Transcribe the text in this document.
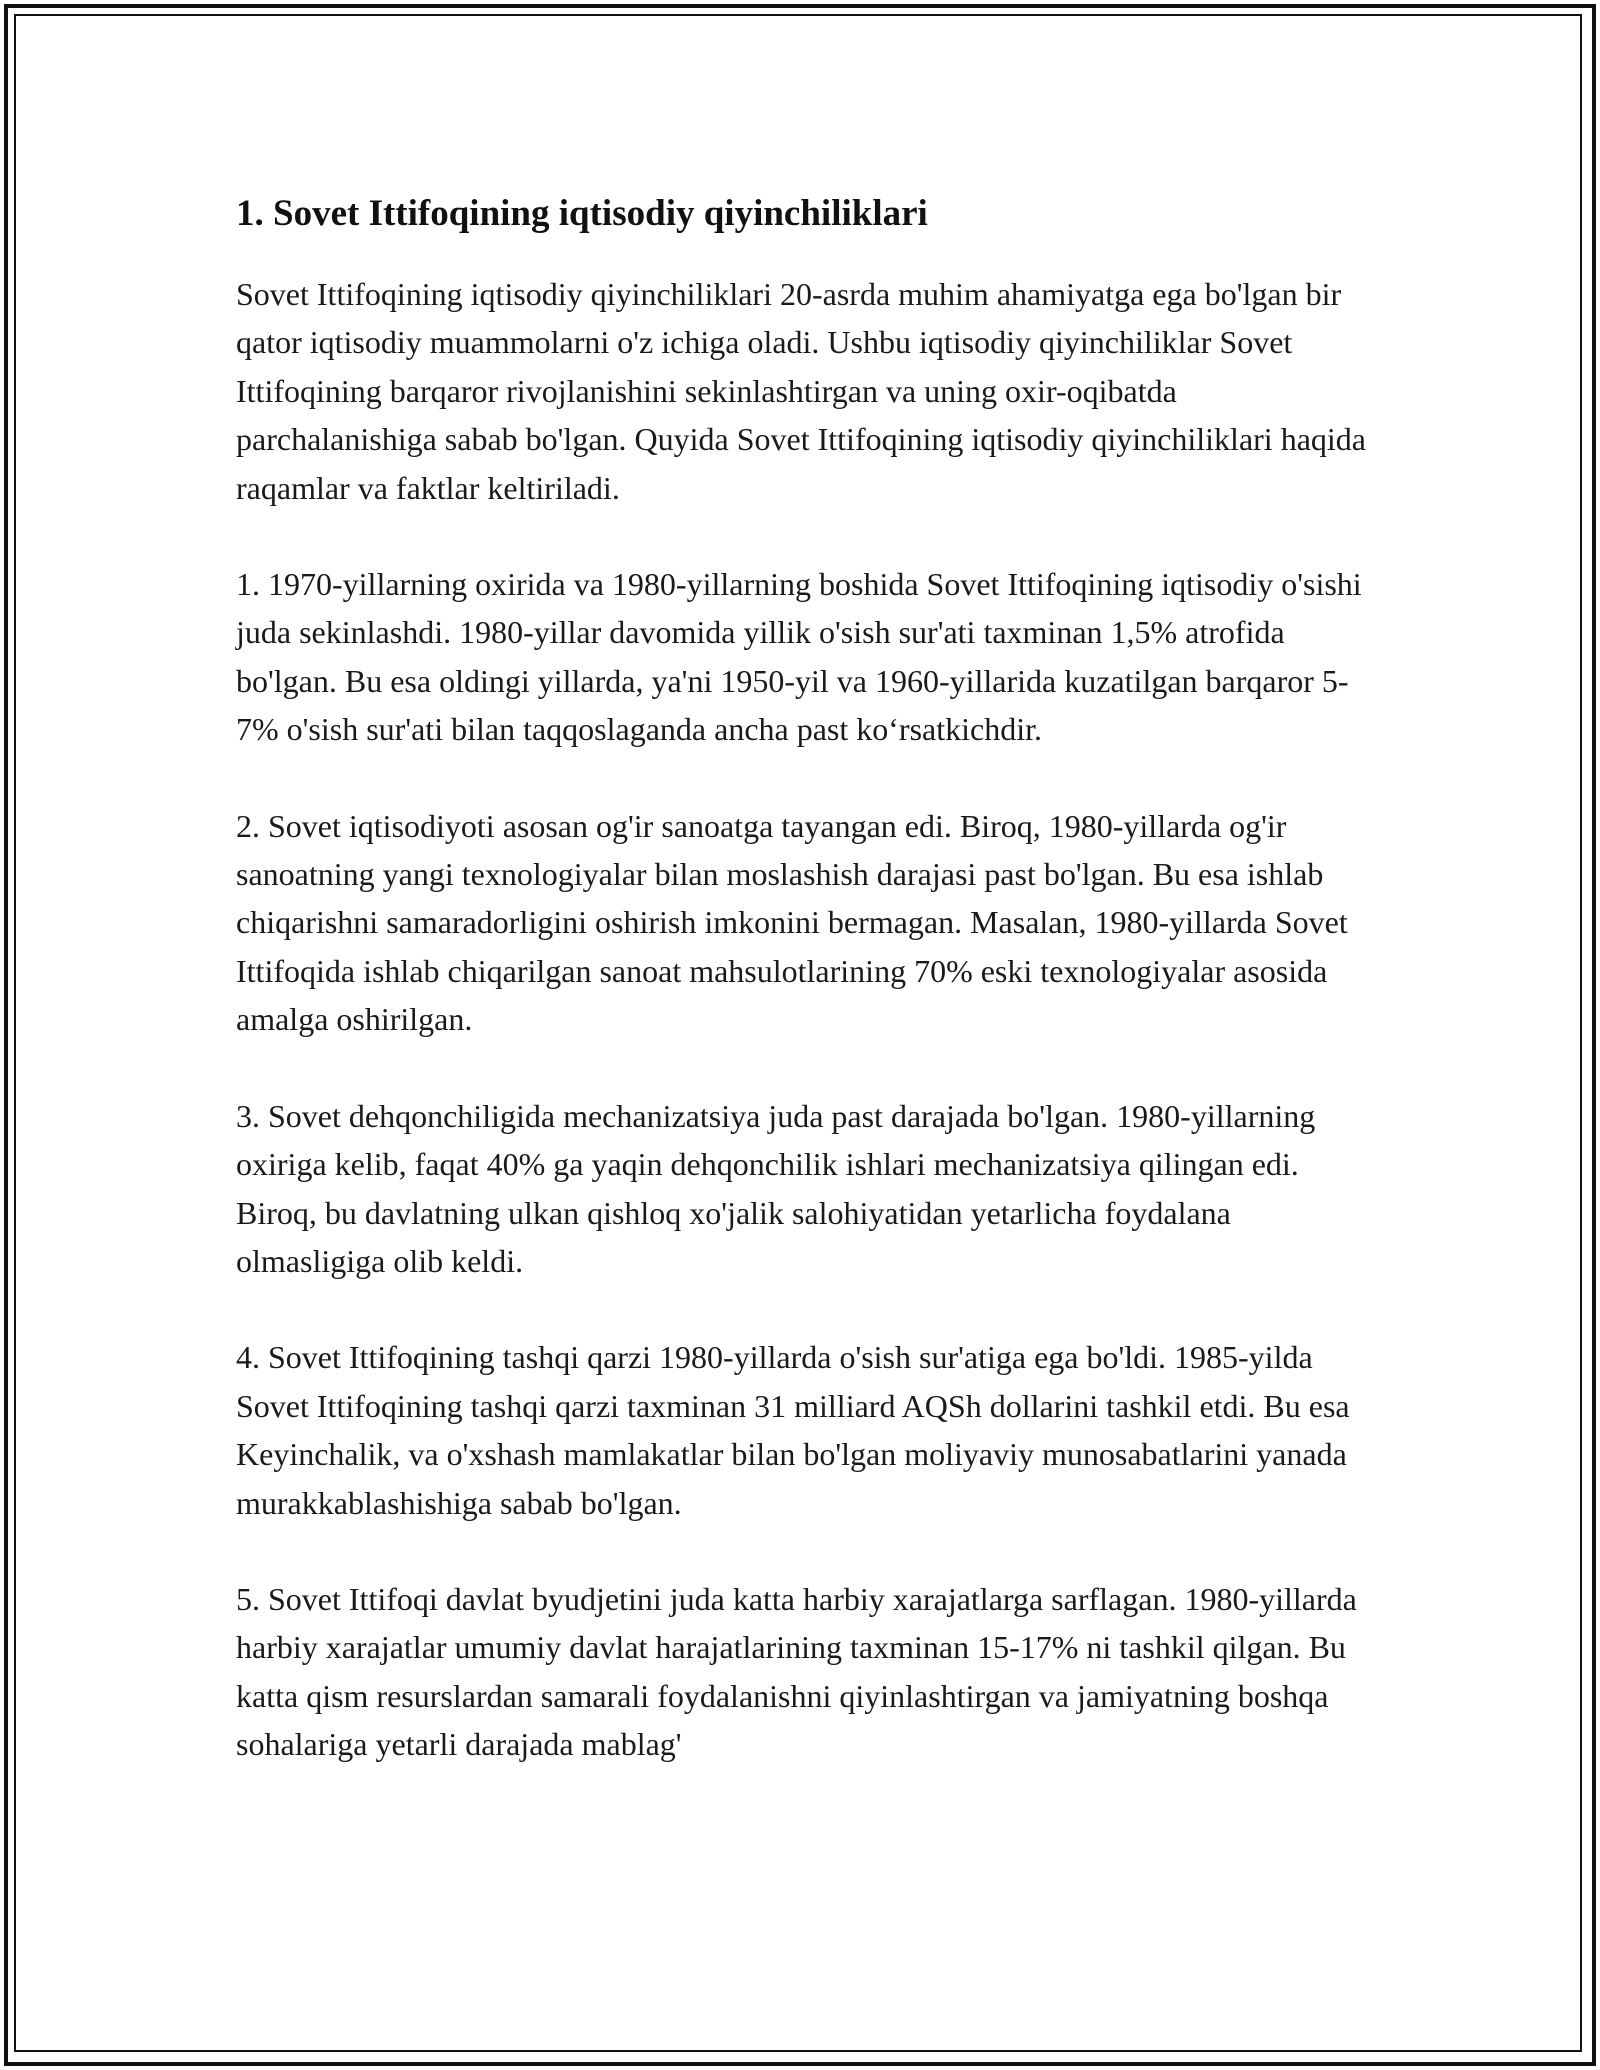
1. Sovet Ittifoqining iqtisodiy qiyinchiliklari

Sovet Ittifoqining iqtisodiy qiyinchiliklari 20-asrda muhim ahamiyatga ega bo'lgan bir qator iqtisodiy muammolarni o'z ichiga oladi. Ushbu iqtisodiy qiyinchiliklar Sovet Ittifoqining barqaror rivojlanishini sekinlashtirgan va uning oxir-oqibatda parchalanishiga sabab bo'lgan. Quyida Sovet Ittifoqining iqtisodiy qiyinchiliklari haqida raqamlar va faktlar keltiriladi.

1. 1970-yillarning oxirida va 1980-yillarning boshida Sovet Ittifoqining iqtisodiy o'sishi juda sekinlashdi. 1980-yillar davomida yillik o'sish sur'ati taxminan 1,5% atrofida bo'lgan. Bu esa oldingi yillarda, ya'ni 1950-yil va 1960-yillarida kuzatilgan barqaror 5-7% o'sish sur'ati bilan taqqoslaganda ancha past ko‘rsatkichdir.

2. Sovet iqtisodiyoti asosan og'ir sanoatga tayangan edi. Biroq, 1980-yillarda og'ir sanoatning yangi texnologiyalar bilan moslashish darajasi past bo'lgan. Bu esa ishlab chiqarishni samaradorligini oshirish imkonini bermagan. Masalan, 1980-yillarda Sovet Ittifoqida ishlab chiqarilgan sanoat mahsulotlarining 70% eski texnologiyalar asosida amalga oshirilgan.

3. Sovet dehqonchiligida mechanizatsiya juda past darajada bo'lgan. 1980-yillarning oxiriga kelib, faqat 40% ga yaqin dehqonchilik ishlari mechanizatsiya qilingan edi. Biroq, bu davlatning ulkan qishloq xo'jalik salohiyatidan yetarlicha foydalana olmasligiga olib keldi.

4. Sovet Ittifoqining tashqi qarzi 1980-yillarda o'sish sur'atiga ega bo'ldi. 1985-yilda Sovet Ittifoqining tashqi qarzi taxminan 31 milliard AQSh dollarini tashkil etdi. Bu esa Keyinchalik, va o'xshash mamlakatlar bilan bo'lgan moliyaviy munosabatlarini yanada murakkablashishiga sabab bo'lgan.

5. Sovet Ittifoqi davlat byudjetini juda katta harbiy xarajatlarga sarflagan. 1980-yillarda harbiy xarajatlar umumiy davlat harajatlarining taxminan 15-17% ni tashkil qilgan. Bu katta qism resurslardan samarali foydalanishni qiyinlashtirgan va jamiyatning boshqa sohalariga yetarli darajada mablag'
